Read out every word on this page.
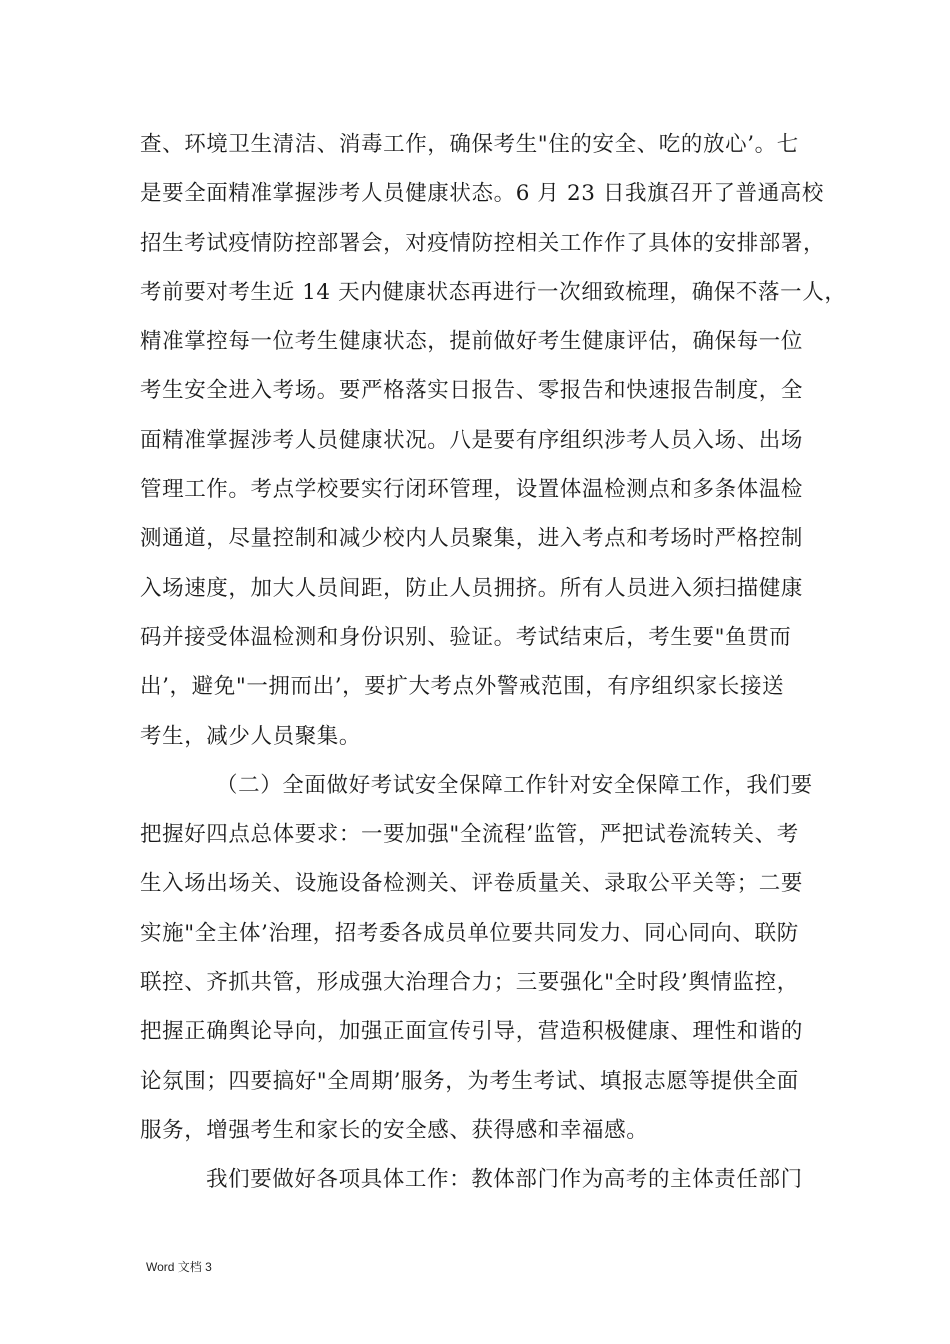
查、环境卫生清洁、消毒工作，确保考生"住的安全、吃的放心’。七
是要全面精准掌握涉考人员健康状态。6 月 23 日我旗召开了普通高校
招生考试疫情防控部署会，对疫情防控相关工作作了具体的安排部署，
考前要对考生近 14 天内健康状态再进行一次细致梳理，确保不落一人，
精准掌控每一位考生健康状态，提前做好考生健康评估，确保每一位
考生安全进入考场。要严格落实日报告、零报告和快速报告制度，全
面精准掌握涉考人员健康状况。八是要有序组织涉考人员入场、出场
管理工作。考点学校要实行闭环管理，设置体温检测点和多条体温检
测通道，尽量控制和减少校内人员聚集，进入考点和考场时严格控制
入场速度，加大人员间距，防止人员拥挤。所有人员进入须扫描健康
码并接受体温检测和身份识别、验证。考试结束后，考生要"鱼贯而
出’，避免"一拥而出’，要扩大考点外警戒范围，有序组织家长接送
考生，减少人员聚集。
（二）全面做好考试安全保障工作针对安全保障工作，我们要
把握好四点总体要求：一要加强"全流程’监管，严把试卷流转关、考
生入场出场关、设施设备检测关、评卷质量关、录取公平关等；二要
实施"全主体’治理，招考委各成员单位要共同发力、同心同向、联防
联控、齐抓共管，形成强大治理合力；三要强化"全时段’舆情监控，
把握正确舆论导向，加强正面宣传引导，营造积极健康、理性和谐的
论氛围；四要搞好"全周期’服务，为考生考试、填报志愿等提供全面
服务，增强考生和家长的安全感、获得感和幸福感。
我们要做好各项具体工作：教体部门作为高考的主体责任部门
Word 文档 3
